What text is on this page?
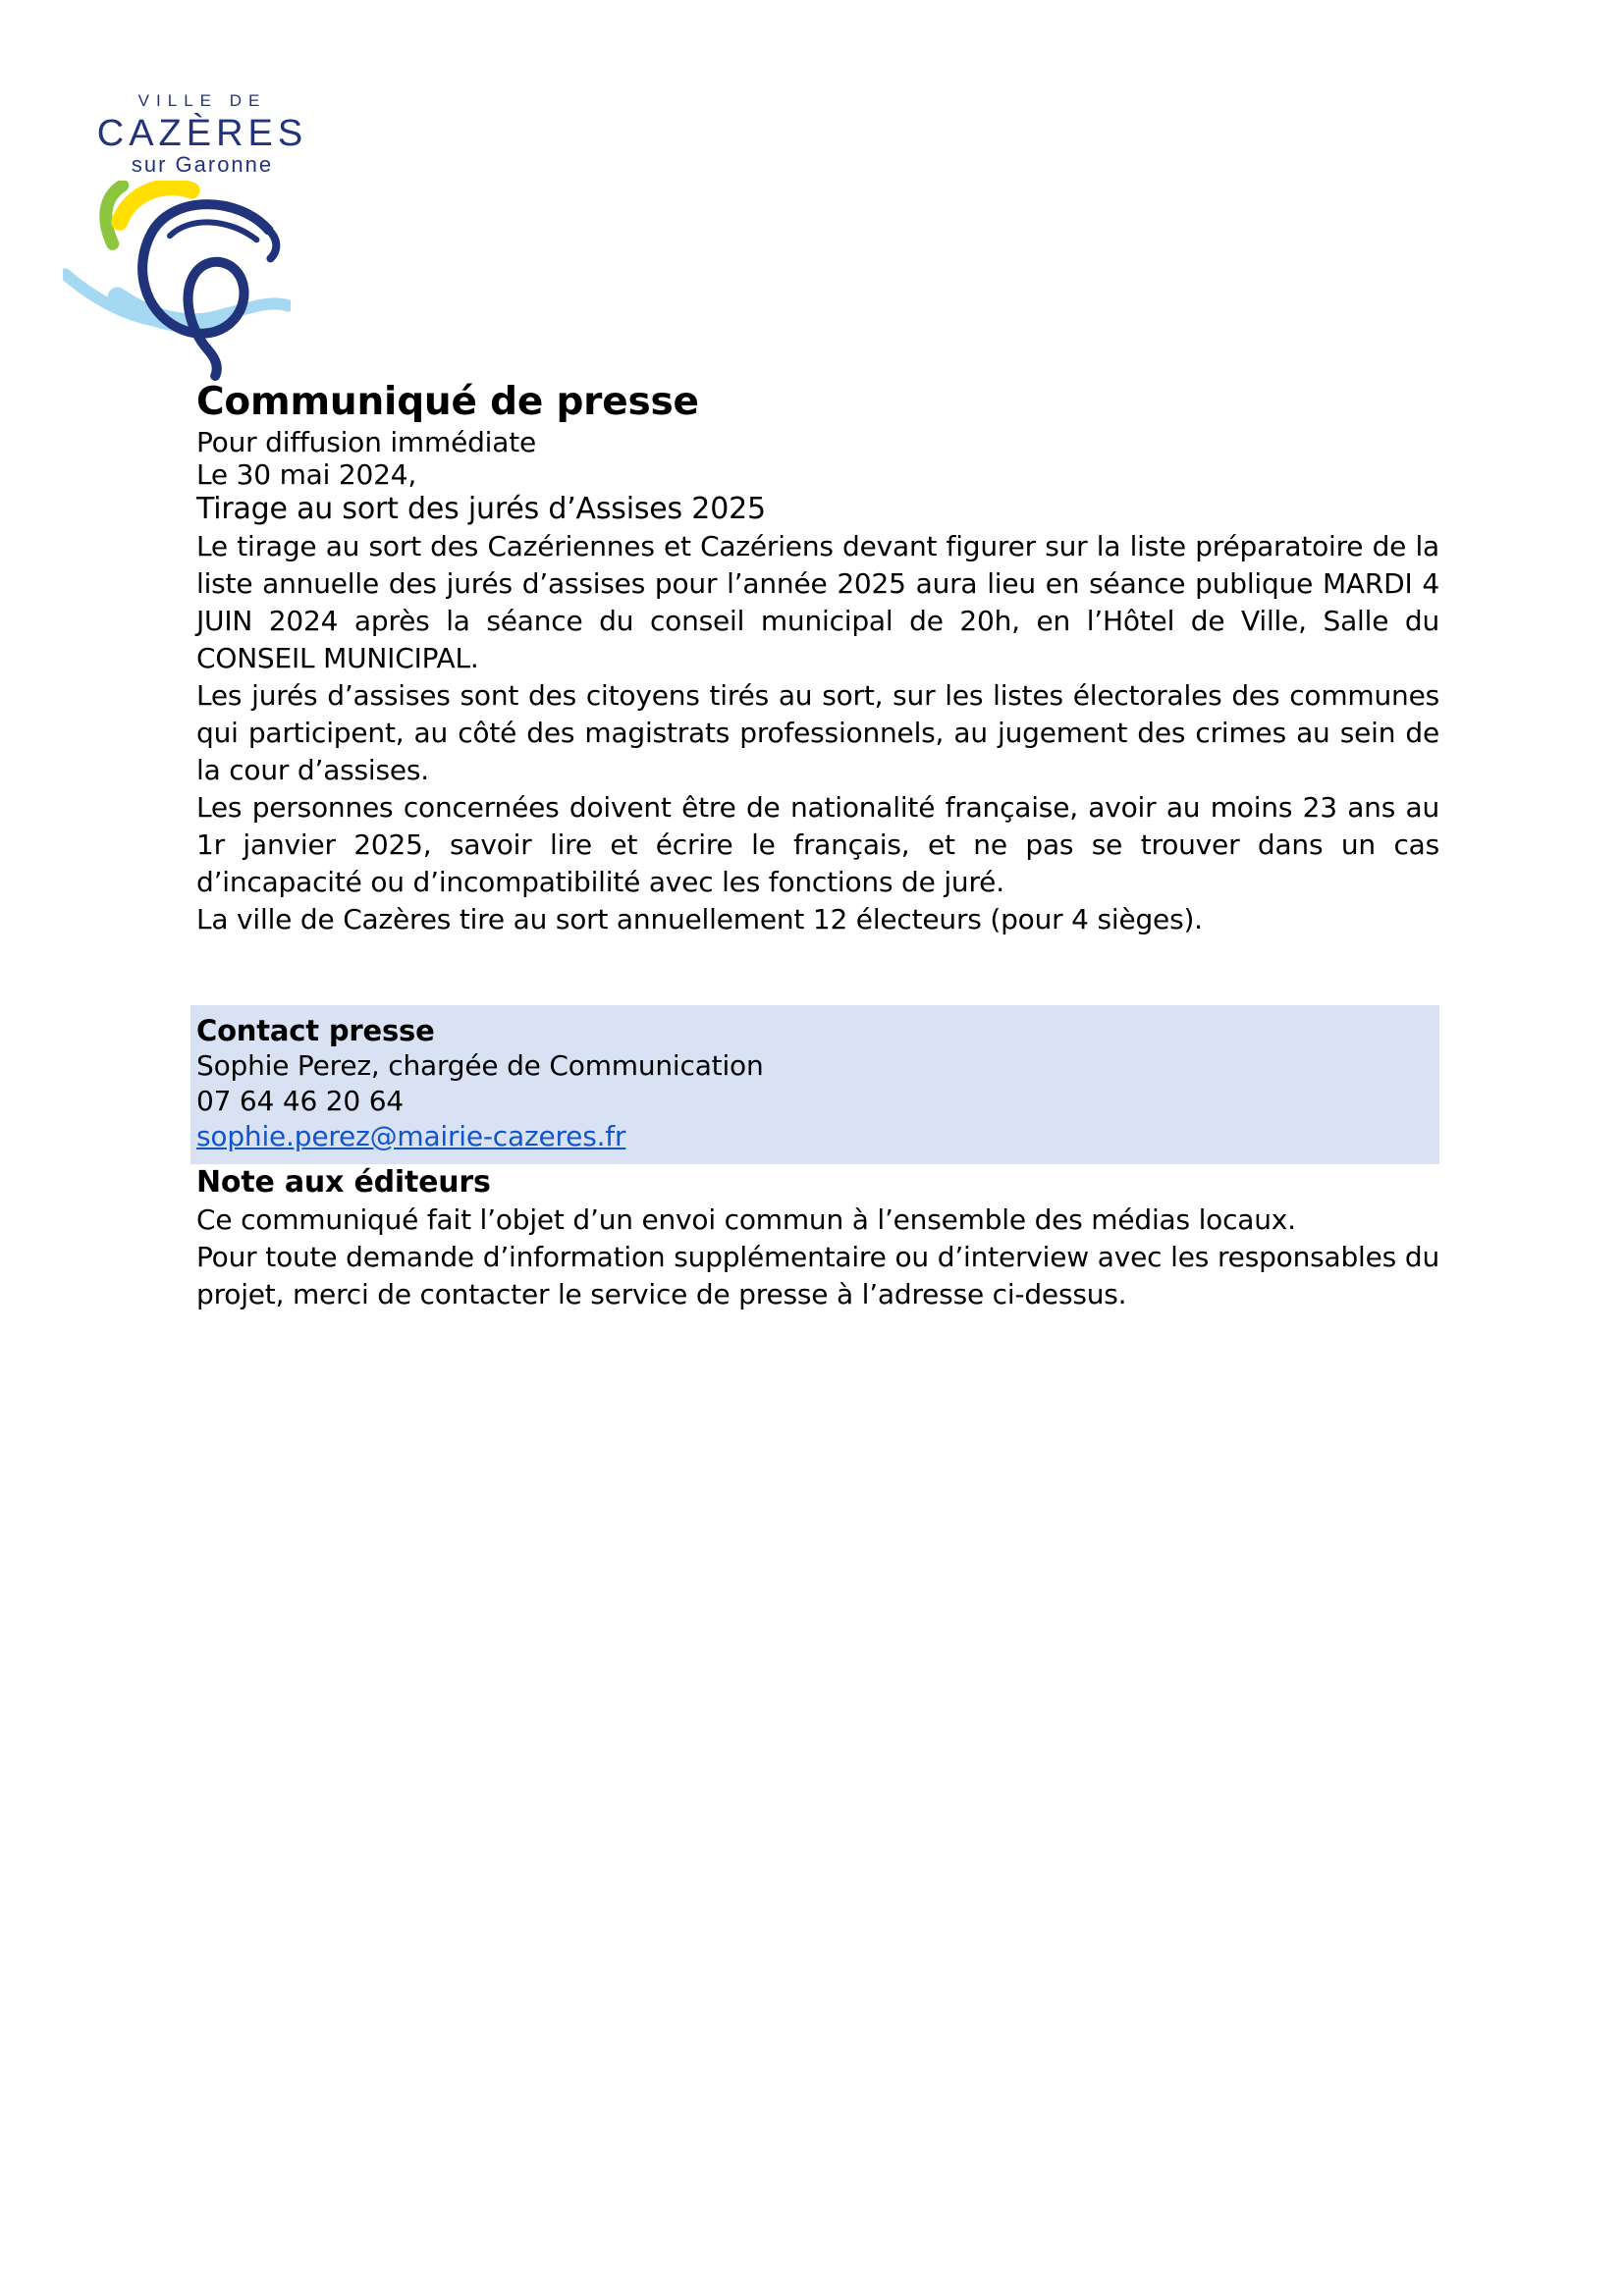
VILLE DE
CAZÈRES
sur Garonne

Communiqué de presse

Pour diffusion immédiate

Le 30 mai 2024,

Tirage au sort des jurés d’Assises 2025

Le tirage au sort des Cazériennes et Cazériens devant figurer sur la liste préparatoire de la liste annuelle des jurés d’assises pour l’année 2025 aura lieu en séance publique MARDI 4 JUIN 2024 après la séance du conseil municipal de 20h, en l’Hôtel de Ville, Salle du CONSEIL MUNICIPAL.

Les jurés d’assises sont des citoyens tirés au sort, sur les listes électorales des communes qui participent, au côté des magistrats professionnels, au jugement des crimes au sein de la cour d’assises.

Les personnes concernées doivent être de nationalité française, avoir au moins 23 ans au 1r janvier 2025, savoir lire et écrire le français, et ne pas se trouver dans un cas d’incapacité ou d’incompatibilité avec les fonctions de juré.

La ville de Cazères tire au sort annuellement 12 électeurs (pour 4 sièges).

Contact presse
Sophie Perez, chargée de Communication
07 64 46 20 64
sophie.perez@mairie-cazeres.fr

Note aux éditeurs

Ce communiqué fait l’objet d’un envoi commun à l’ensemble des médias locaux.

Pour toute demande d’information supplémentaire ou d’interview avec les responsables du projet, merci de contacter le service de presse à l’adresse ci-dessus.
